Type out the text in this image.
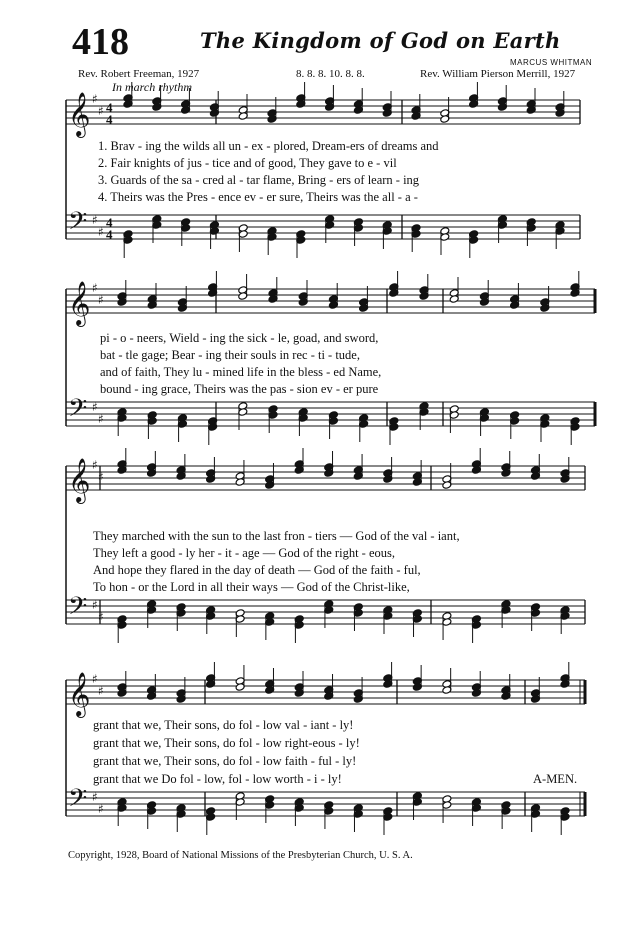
418	The Kingdom of God on Earth
MARCUS WHITMAN
Rev. Robert Freeman, 1927	8. 8. 8. 10. 8. 8.	Rev. William Pierson Merrill, 1927
In march rhythm
𝄞 ♯
♯ 4
4
𝄢 ♯
♯
4
4
𝄞 ♯
♯
𝄢 ♯
♯
𝄞 ♯
♯
𝄢 ♯
♯
𝄞 ♯
♯
𝄢 ♯
♯
1. Brav - ing the wilds all un - ex - plored, Dream-ers of dreams and
2. Fair knights of jus - tice and of good, They gave to e - vil
3. Guards of the sa - cred al - tar flame, Bring - ers of learn - ing
4. Theirs was the Pres - ence ev - er sure, Theirs was the all - a -
pi - o - neers, Wield - ing the sick - le, goad, and sword,
bat - tle gage; Bear - ing their souls in rec - ti - tude,
and of faith, They lu - mined life in the bless - ed Name,
bound - ing grace, Theirs was the pas - sion ev - er pure
They marched with the sun to the last fron - tiers — God of the val - iant,
They left a good - ly her - it - age — God of the right - eous,
And hope they flared in the day of death — God of the faith - ful,
To hon - or the Lord in all their ways — God of the Christ-like,
grant that we, Their sons, do fol - low val - iant - ly!
grant that we, Their sons, do fol - low right-eous - ly!
grant that we, Their sons, do fol - low faith - ful - ly!
grant that we Do fol - low, fol - low worth - i - ly!	A-MEN.
Copyright, 1928, Board of National Missions of the Presbyterian Church, U. S. A.
